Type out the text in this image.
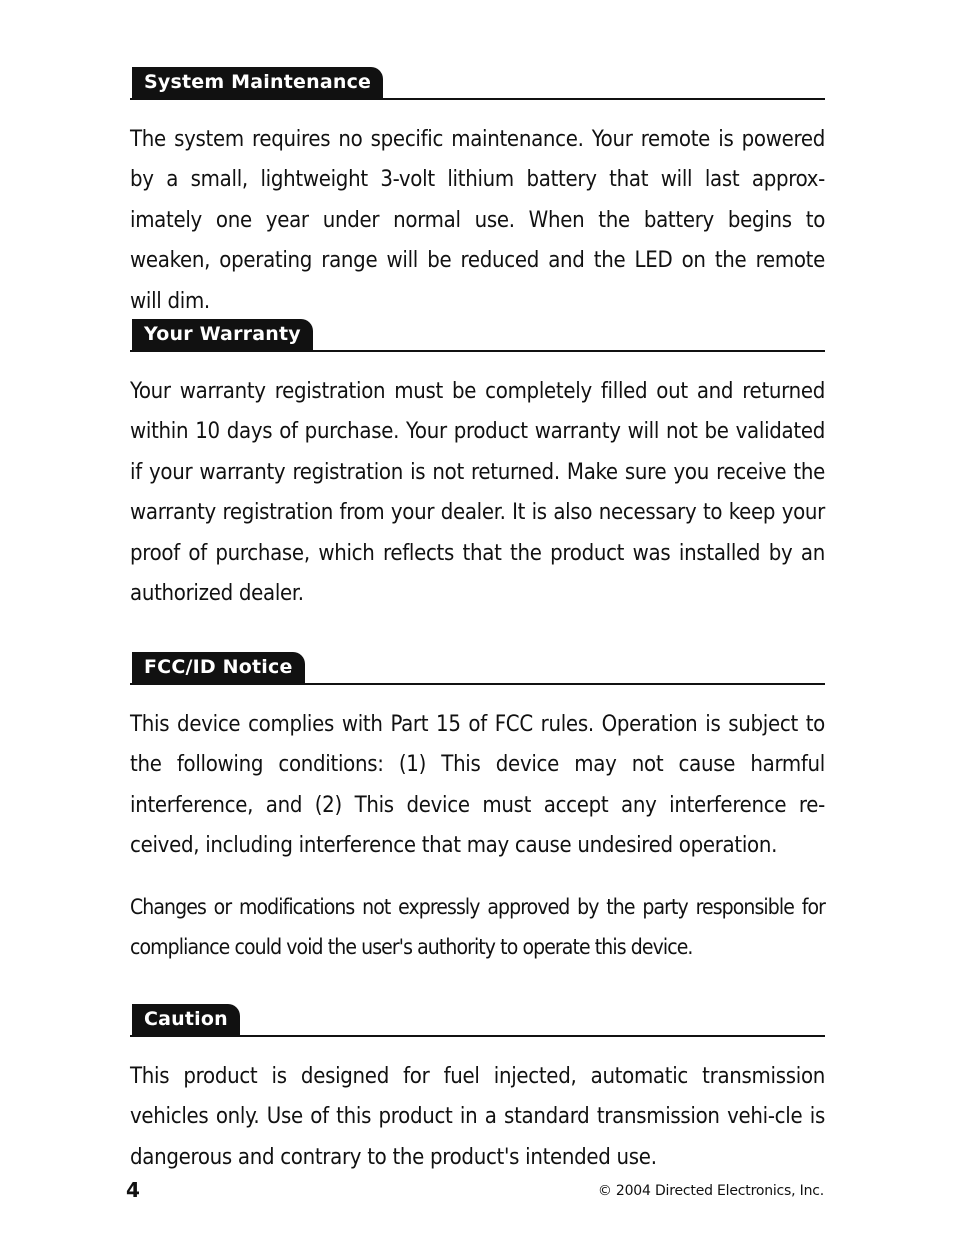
System Maintenance

The system requires no specific maintenance. Your remote is powered by a small, lightweight 3-volt lithium battery that will last approx-imately one year under normal use. When the battery begins to weaken, operating range will be reduced and the LED on the remote will dim.

Your Warranty

Your warranty registration must be completely filled out and returned within 10 days of purchase. Your product warranty will not be validated if your warranty registration is not returned. Make sure you receive the warranty registration from your dealer. It is also necessary to keep your proof of purchase, which reflects that the product was installed by an authorized dealer.

FCC/ID Notice

This device complies with Part 15 of FCC rules. Operation is subject to the following conditions: (1) This device may not cause harmful interference, and (2) This device must accept any interference re-ceived, including interference that may cause undesired operation.

Changes or modifications not expressly approved by the party responsible for compliance could void the user's authority to operate this device.

Caution

This product is designed for fuel injected, automatic transmission vehicles only. Use of this product in a standard transmission vehi-cle is dangerous and contrary to the product's intended use.

4	© 2004 Directed Electronics, Inc.
